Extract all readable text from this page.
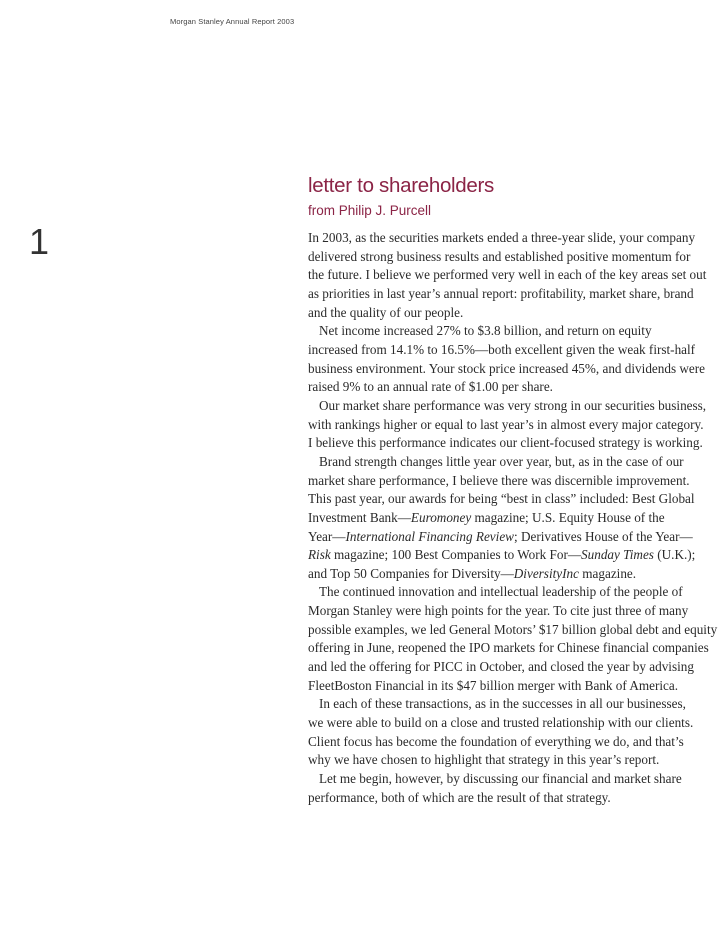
Morgan Stanley Annual Report 2003
1
letter to shareholders
from Philip J. Purcell
In 2003, as the securities markets ended a three-year slide, your company
delivered strong business results and established positive momentum for
the future. I believe we performed very well in each of the key areas set out
as priorities in last year’s annual report: profitability, market share, brand
and the quality of our people.
Net income increased 27% to $3.8 billion, and return on equity
increased from 14.1% to 16.5%—both excellent given the weak first-half
business environment. Your stock price increased 45%, and dividends were
raised 9% to an annual rate of $1.00 per share.
Our market share performance was very strong in our securities business,
with rankings higher or equal to last year’s in almost every major category.
I believe this performance indicates our client-focused strategy is working.
Brand strength changes little year over year, but, as in the case of our
market share performance, I believe there was discernible improvement.
This past year, our awards for being “best in class” included: Best Global
Investment Bank—Euromoney magazine; U.S. Equity House of the
Year—International Financing Review; Derivatives House of the Year—
Risk magazine; 100 Best Companies to Work For—Sunday Times (U.K.);
and Top 50 Companies for Diversity—DiversityInc magazine.
The continued innovation and intellectual leadership of the people of
Morgan Stanley were high points for the year. To cite just three of many
possible examples, we led General Motors’ $17 billion global debt and equity
offering in June, reopened the IPO markets for Chinese financial companies
and led the offering for PICC in October, and closed the year by advising
FleetBoston Financial in its $47 billion merger with Bank of America.
In each of these transactions, as in the successes in all our businesses,
we were able to build on a close and trusted relationship with our clients.
Client focus has become the foundation of everything we do, and that’s
why we have chosen to highlight that strategy in this year’s report.
Let me begin, however, by discussing our financial and market share
performance, both of which are the result of that strategy.
